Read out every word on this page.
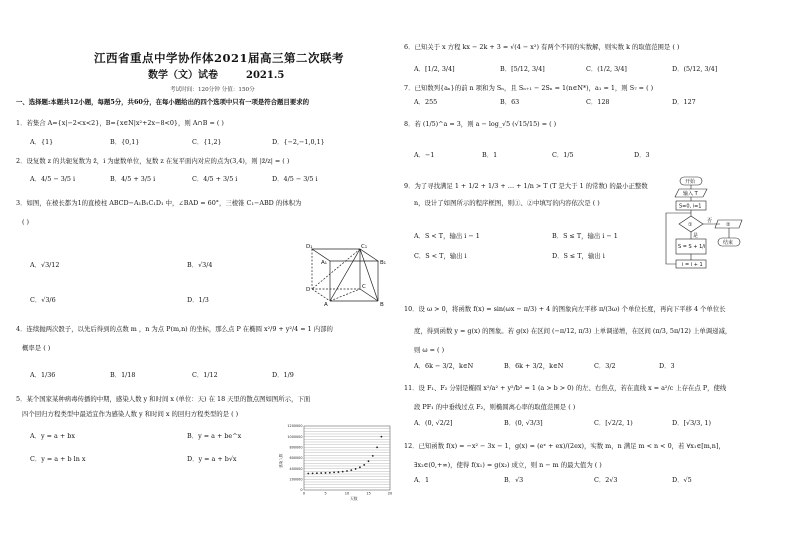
江西省重点中学协作体2021届高三第二次联考
数学（文）试卷	2021.5
考试时间：120分钟 分值：150分
一、选择题:本题共12小题，每题5分，共60分，在每小题给出的四个选项中只有一项是符合题目要求的
1．若集合 A={x|−2<x<2}，B={x∈N|x²+2x−8<0}，则 A∩B = ( )
A．{1}	B．{0,1}	C．{1,2}	D．{−2,−1,0,1}
2．设复数 z 的共轭复数为 z̄，i 为虚数单位，复数 z 在复平面内对应的点为(3,4)，则 |z̄/z| = ( )
A．4/5 − 3/5 i	B．4/5 + 3/5 i	C．4/5 + 3/5 i	D．4/5 − 3/5 i
3．如图，在棱长都为1的直棱柱 ABCD−A₁B₁C₁D₁ 中，∠BAD = 60°，三棱锥 C₁−ABD 的体积为
( )
A．√3/12	B．√3/4
C．√3/6	D．1/3
D₁	C₁
A₁	B₁
D	C
A	B
4．连续抛两次骰子，以先后得到的点数 m ，n 为点 P(m,n) 的坐标，那么点 P 在椭圆 x²/9 + y²/4 = 1 内部的
概率是 ( )
A．1/36	B．1/18	C．1/12	D．1/9
5．某个国家某种病毒传播的中期，感染人数 y 和时间 x (单位：天) 在 18 天里的散点图如图所示，下面
四个回归方程类型中最适宜作为感染人数 y 和时间 x 的回归方程类型的是 ( )
A．y = a + bx	B．y = a + be^x
C．y = a + b ln x	D．y = a + b√x
1200000
1000000
800000
600000
400000
200000
0
0	5	10	15	20
感染人数
天数
6．已知关于 x 方程 kx − 2k + 3 = √(4 − x²) 有两个不同的实数解，则实数 k 的取值范围是 ( )
A．[1/2, 3/4]	B．[5/12, 3/4]	C．(1/2, 3/4]	D．(5/12, 3/4]
7．已知数列{aₙ}的前 n 项和为 Sₙ，且 Sₙ₊₁ − 2Sₙ = 1(n∈N*)，a₁ = 1，则 S₇ = ( )
A．255	B．63	C．128	D．127
8．若 (1/5)^a = 3，则 a − log_√5 (√15/15) = ( )
A．−1	B．1	C．1/5	D．3
9．为了寻找满足 1 + 1/2 + 1/3 + … + 1/n > T (T 是大于 1 的常数) 的最小正整数
n，设计了如图所示的程序框图，则①、②中填写的内容依次是 ( )
A．S < T，输出 i − 1	B．S ≤ T，输出 i − 1
C．S < T，输出 i	D．S ≤ T，输出 i
开始
输入 T
S=0, i=1
①
否
②
结束
是
S = S + 1/i
i = i + 1
10．设 ω > 0，将函数 f(x) = sin(ωx − π/3) + 4 的图象向左平移 π/(3ω) 个单位长度，再向下平移 4 个单位长
度，得到函数 y = g(x) 的图象。若 g(x) 在区间 (−π/12, π/3) 上单调递增，在区间 (π/3, 5π/12) 上单调递减，
则 ω = ( )
A．6k − 3/2，k∈N	B．6k + 3/2，k∈N	C．3/2	D．3
11．设 F₁、F₂ 分别是椭圆 x²/a² + y²/b² = 1 (a > b > 0) 的左、右焦点，若在直线 x = a²/c 上存在点 P，使线
段 PF₁ 的中垂线过点 F₂，则椭圆离心率的取值范围是 ( )
A．(0, √2/2]	B．(0, √3/3]	C．[√2/2, 1)	D．[√3/3, 1)
12．已知函数 f(x) = −x² − 3x − 1，g(x) = (eˣ + ex)/(2ex)，实数 m，n 满足 m < n < 0，若 ∀x₁∈[m,n]，
∃x₂∈(0,+∞)，使得 f(x₁) = g(x₂) 成立，则 n − m 的最大值为 ( )
A．1	B．√3	C．2√3	D．√5
